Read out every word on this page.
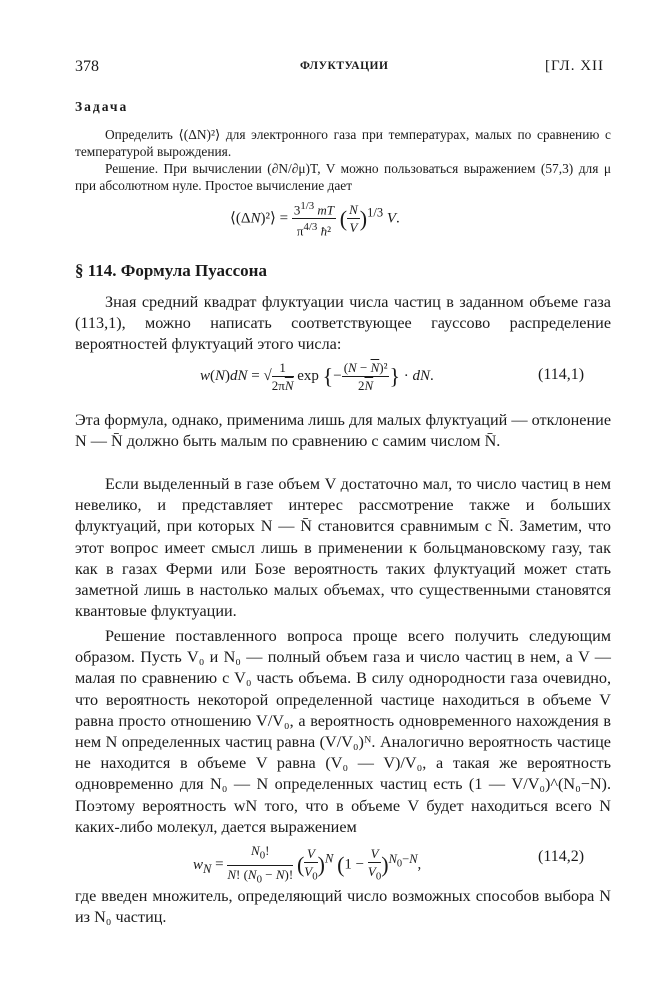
378	ФЛУКТУАЦИИ	[ГЛ. XII
Задача
Определить ⟨(ΔN)²⟩ для электронного газа при температурах, малых по сравнению с температурой вырождения.
Решение. При вычислении (∂N/∂μ)T, V можно пользоваться выражением (57,3) для μ при абсолютном нуле. Простое вычисление дает
⟨(ΔN)²⟩ = $\frac{3^{1/3} mT}{\pi^{4/3} ħ^2}$ ( $\frac{N}{V} )^{1/3}$ V.
§ 114. Формула Пуассона
Зная средний квадрат флуктуации числа частиц в заданном объеме газа (113,1), можно написать соответствующее гауссово распределение вероятностей флуктуаций этого числа:
w(N)dN = √ $\frac{1}{2\pi\overline{N}}$ exp {− $\frac{(N - \overline{N})^2}{2\overline{N}}$ } · dN.	(114,1)
Эта формула, однако, применима лишь для малых флуктуаций — отклонение N — N̄ должно быть малым по сравнению с самим числом N̄.
Если выделенный в газе объем V достаточно мал, то число частиц в нем невелико, и представляет интерес рассмотрение также и больших флуктуаций, при которых N — N̄ становится сравнимым с N̄. Заметим, что этот вопрос имеет смысл лишь в применении к больцмановскому газу, так как в газах Ферми или Бозе вероятность таких флуктуаций может стать заметной лишь в настолько малых объемах, что существенными становятся квантовые флуктуации.
Решение поставленного вопроса проще всего получить следующим образом. Пусть V₀ и N₀ — полный объем газа и число частиц в нем, а V — малая по сравнению с V₀ часть объема. В силу однородности газа очевидно, что вероятность некоторой определенной частице находиться в объеме V равна просто отношению V/V₀, а вероятность одновременного нахождения в нем N определенных частиц равна (V/V₀)ᴺ. Аналогично вероятность частице не находится в объеме V равна (V₀ — V)/V₀, а такая же вероятность одновременно для N₀ — N определенных частиц есть (1 — V/V₀)^(N₀−N). Поэтому вероятность wN того, что в объеме V будет находиться всего N каких-либо молекул, дается выражением
$w_N = \frac{N_0!}{N! (N_0 - N)!}$ ( $\frac{V}{V_0} )^N$ $(1 - \frac{V}{V_0} )^{N_0-N}$,	(114,2)
где введен множитель, определяющий число возможных способов выбора N из N₀ частиц.
